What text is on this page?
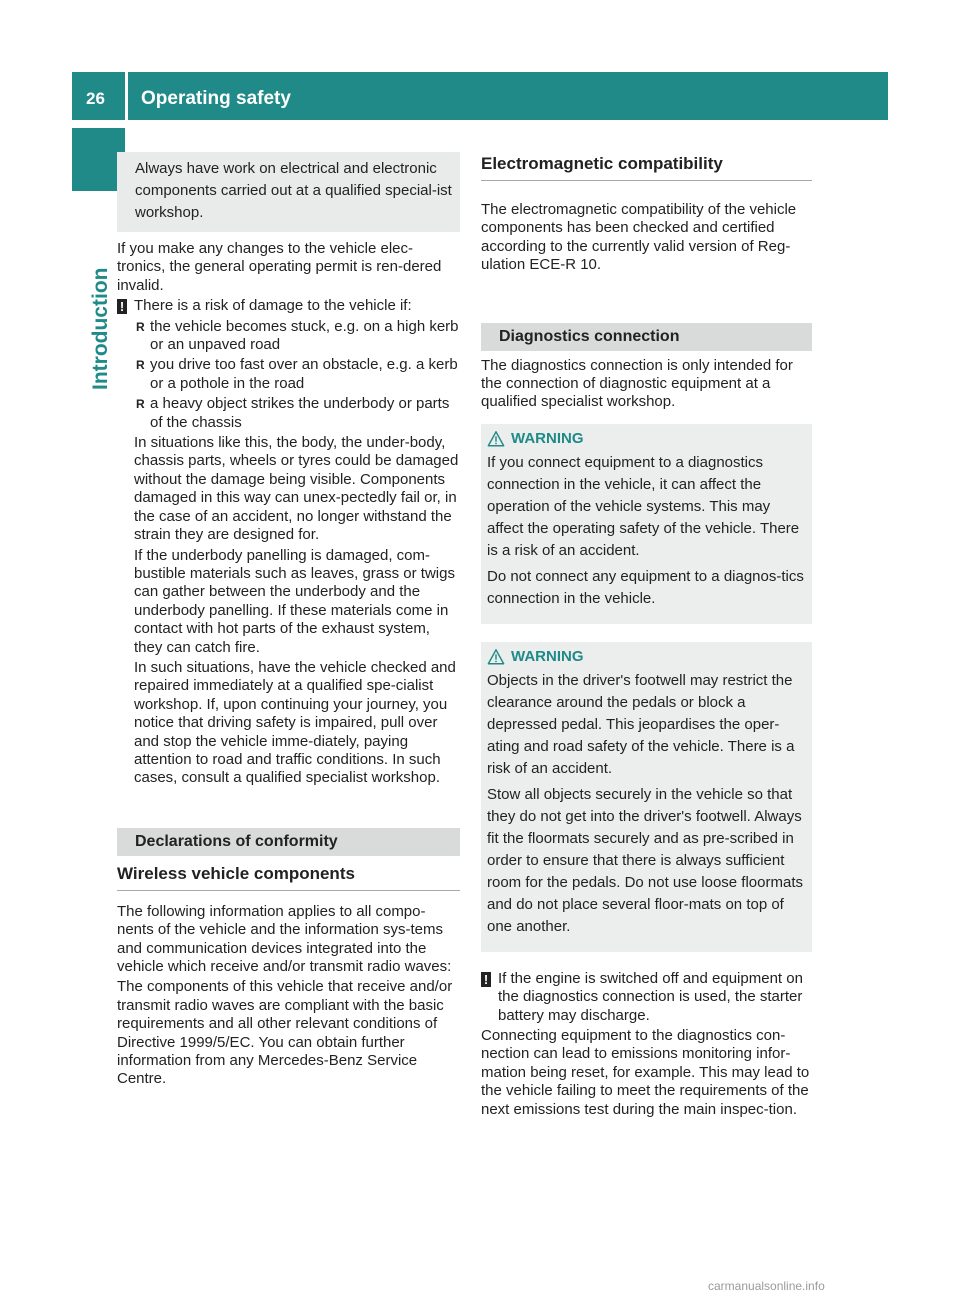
26	Operating safety
Introduction
Always have work on electrical and electronic components carried out at a qualified special-ist workshop.

If you make any changes to the vehicle elec-tronics, the general operating permit is ren-dered invalid.

! There is a risk of damage to the vehicle if:
R the vehicle becomes stuck, e.g. on a high kerb or an unpaved road
R you drive too fast over an obstacle, e.g. a kerb or a pothole in the road
R a heavy object strikes the underbody or parts of the chassis

In situations like this, the body, the under-body, chassis parts, wheels or tyres could be damaged without the damage being visible. Components damaged in this way can unex-pectedly fail or, in the case of an accident, no longer withstand the strain they are designed for.

If the underbody panelling is damaged, com-bustible materials such as leaves, grass or twigs can gather between the underbody and the underbody panelling. If these materials come in contact with hot parts of the exhaust system, they can catch fire.

In such situations, have the vehicle checked and repaired immediately at a qualified spe-cialist workshop. If, upon continuing your journey, you notice that driving safety is impaired, pull over and stop the vehicle imme-diately, paying attention to road and traffic conditions. In such cases, consult a qualified specialist workshop.

Declarations of conformity
Wireless vehicle components

The following information applies to all compo-nents of the vehicle and the information sys-tems and communication devices integrated into the vehicle which receive and/or transmit radio waves:

The components of this vehicle that receive and/or transmit radio waves are compliant with the basic requirements and all other relevant conditions of Directive 1999/5/EC. You can obtain further information from any Mercedes-Benz Service Centre.

Electromagnetic compatibility

The electromagnetic compatibility of the vehicle components has been checked and certified according to the currently valid version of Reg-ulation ECE-R 10.

Diagnostics connection

The diagnostics connection is only intended for the connection of diagnostic equipment at a qualified specialist workshop.

WARNING

If you connect equipment to a diagnostics connection in the vehicle, it can affect the operation of the vehicle systems. This may affect the operating safety of the vehicle. There is a risk of an accident.

Do not connect any equipment to a diagnos-tics connection in the vehicle.

WARNING

Objects in the driver's footwell may restrict the clearance around the pedals or block a depressed pedal. This jeopardises the oper-ating and road safety of the vehicle. There is a risk of an accident.

Stow all objects securely in the vehicle so that they do not get into the driver's footwell. Always fit the floormats securely and as pre-scribed in order to ensure that there is always sufficient room for the pedals. Do not use loose floormats and do not place several floor-mats on top of one another.

! If the engine is switched off and equipment on the diagnostics connection is used, the starter battery may discharge.

Connecting equipment to the diagnostics con-nection can lead to emissions monitoring infor-mation being reset, for example. This may lead to the vehicle failing to meet the requirements of the next emissions test during the main inspec-tion.

carmanualsonline.info
